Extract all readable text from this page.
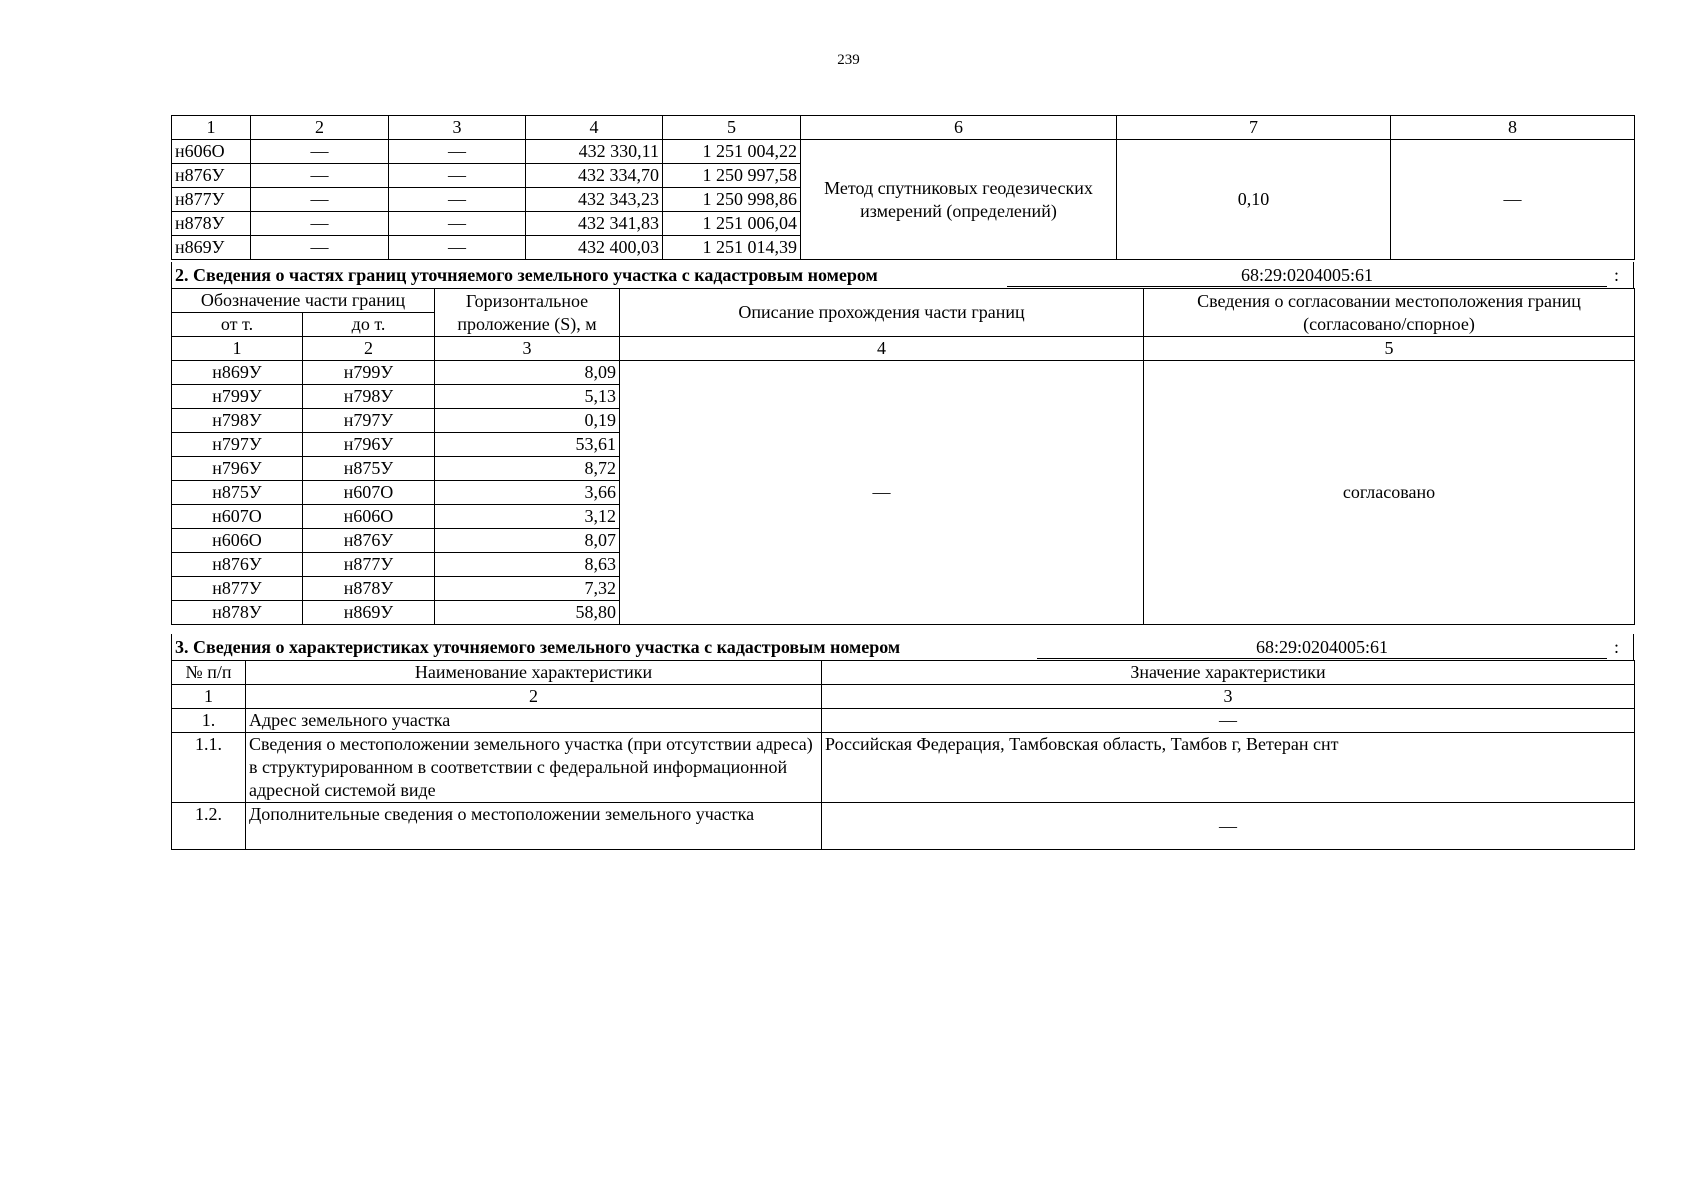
239
1	2	3	4	5	6	7	8
н606О	—	—	432 330,11	1 251 004,22	Метод спутниковых геодезических измерений (определений)	0,10	—
н876У	—	—	432 334,70	1 250 997,58			
н877У	—	—	432 343,23	1 250 998,86			
н878У	—	—	432 341,83	1 251 006,04			
н869У	—	—	432 400,03	1 251 014,39			
2. Сведения о частях границ уточняемого земельного участка с кадастровым номером	68:29:0204005:61	:
Обозначение части границ		Горизонтальное проложение (S), м	Описание прохождения части границ	Сведения о согласовании местоположения границ (согласовано/спорное)
от т.	до т.			
1	2	3	4	5
н869У	н799У	8,09	—	согласовано
н799У	н798У	5,13		
н798У	н797У	0,19		
н797У	н796У	53,61		
н796У	н875У	8,72		
н875У	н607О	3,66		
н607О	н606О	3,12		
н606О	н876У	8,07		
н876У	н877У	8,63		
н877У	н878У	7,32		
н878У	н869У	58,80		
3. Сведения о характеристиках уточняемого земельного участка с кадастровым номером	68:29:0204005:61	:
№ п/п	Наименование характеристики	Значение характеристики
1	2	3
1.	Адрес земельного участка	—
1.1.	Сведения о местоположении земельного участка (при отсутствии адреса) в структурированном в соответствии с федеральной информационной адресной системой виде	Российская Федерация, Тамбовская область, Тамбов г, Ветеран снт
1.2.	Дополнительные сведения о местоположении земельного участка	—
